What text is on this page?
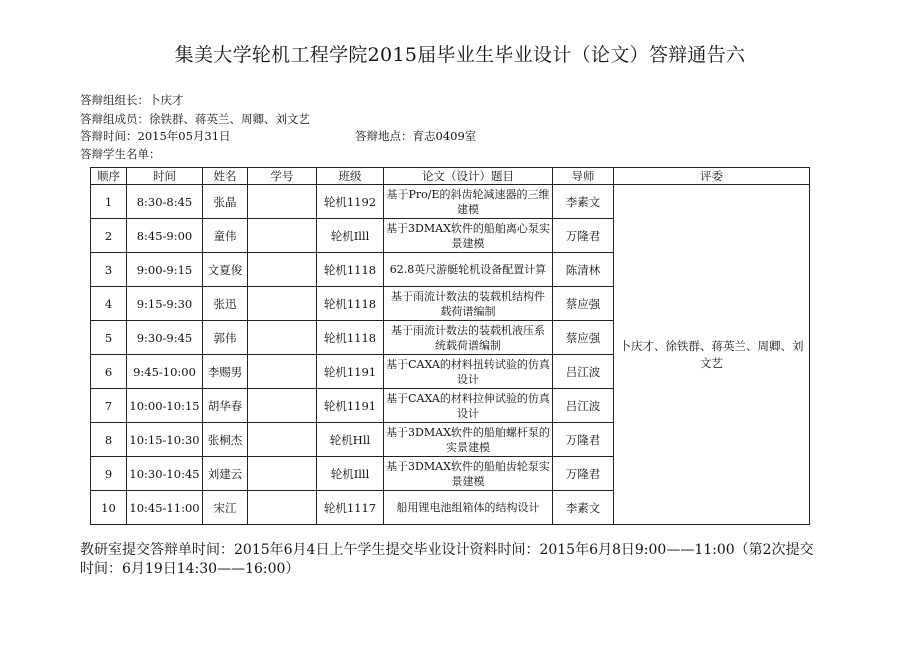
集美大学轮机工程学院2015届毕业生毕业设计（论文）答辩通告六
答辩组组长：卜庆才
答辩组成员：徐铁群、蒋英兰、周卿、刘文艺
答辩时间：2015年05月31日	答辩地点：育志0409室
答辩学生名单：
顺序	时间	姓名	学号	班级	论文（设计）题目	导师	评委
1	8:30-8:45	张晶		轮机1192	基于Pro/E的斜齿轮减速器的三维建模	李素文	卜庆才、徐铁群、蒋英兰、周卿、刘文艺
2	8:45-9:00	童伟		轮机Illl	基于3DMAX软件的船舶离心泵实景建模	万隆君	
3	9:00-9:15	文夏俊		轮机1118	62.8英尺游艇轮机设备配置计算	陈清林	
4	9:15-9:30	张迅		轮机1118	基于雨流计数法的装载机结构件载荷谱编制	蔡应强	
5	9:30-9:45	郭伟		轮机1118	基于雨流计数法的装载机液压系统载荷谱编制	蔡应强	
6	9:45-10:00	李赐男		轮机1191	基于CAXA的材料扭转试验的仿真设计	吕江波	
7	10:00-10:15	胡华春		轮机1191	基于CAXA的材料拉伸试验的仿真设计	吕江波	
8	10:15-10:30	张桐杰		轮机Hll	基于3DMAX软件的船舶螺杆泵的实景建模	万隆君	
9	10:30-10:45	刘建云		轮机Illl	基于3DMAX软件的船舶齿轮泵实景建模	万隆君	
10	10:45-11:00	宋江		轮机1117	船用锂电池组箱体的结构设计	李素文	
教研室提交答辩单时间：2015年6月4日上午学生提交毕业设计资料时间：2015年6月8日9:00——11:00（第2次提交时间：6月19日14:30——16:00）
